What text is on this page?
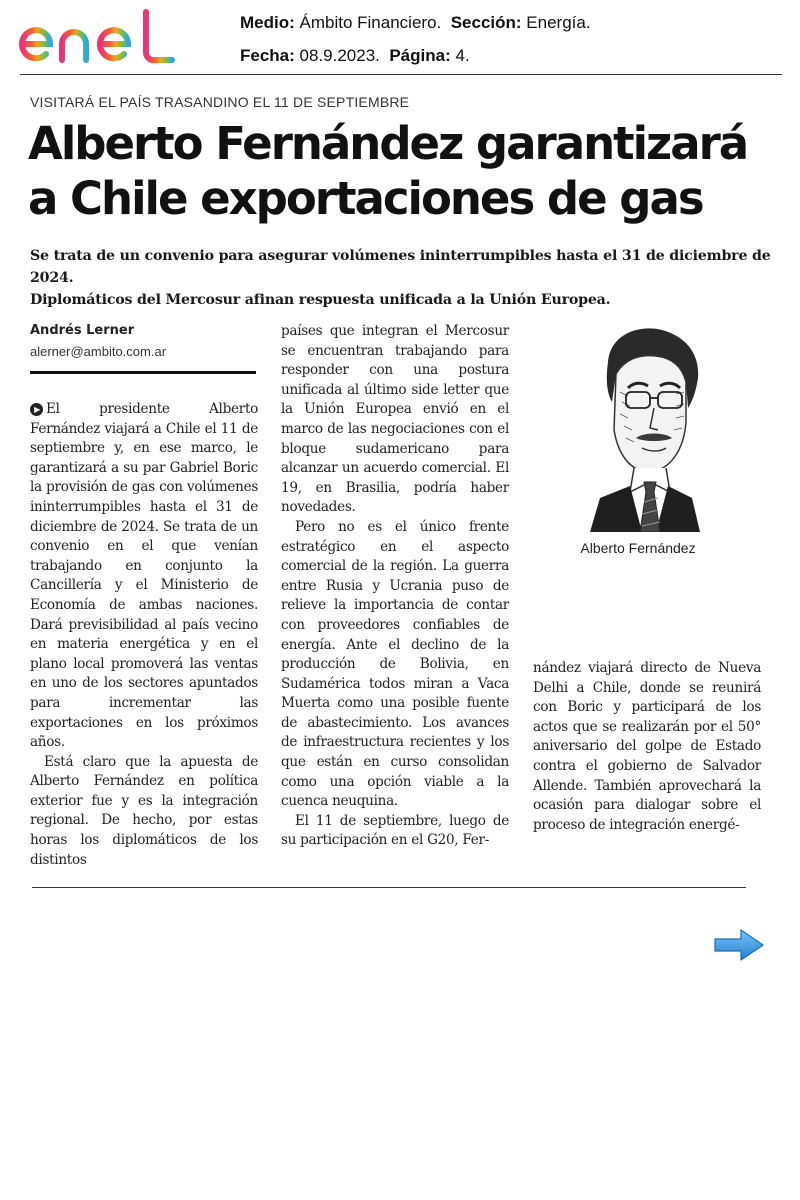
Medio: Ámbito Financiero. Sección: Energía.
Fecha: 08.9.2023. Página: 4.
VISITARÁ EL PAÍS TRASANDINO EL 11 DE SEPTIEMBRE
Alberto Fernández garantizará
a Chile exportaciones de gas

Se trata de un convenio para asegurar volúmenes ininterrumpibles hasta el 31 de diciembre de 2024.
Diplomáticos del Mercosur afinan respuesta unificada a la Unión Europea.

Andrés Lerner
alerner@ambito.com.ar

▶ El presidente Alberto Fernández viajará a Chile el 11 de septiembre y, en ese marco, le garantizará a su par Gabriel Boric la provisión de gas con volúmenes ininterrumpibles hasta el 31 de diciembre de 2024. Se trata de un convenio en el que venían trabajando en conjunto la Cancillería y el Ministerio de Economía de ambas naciones. Dará previsibilidad al país vecino en materia energética y en el plano local promoverá las ventas en uno de los sectores apuntados para incrementar las exportaciones en los próximos años.

Está claro que la apuesta de Alberto Fernández en política exterior fue y es la integración regional. De hecho, por estas horas los diplomáticos de los distintos

países que integran el Mercosur se encuentran trabajando para responder con una postura unificada al último side letter que la Unión Europea envió en el marco de las negociaciones con el bloque sudamericano para alcanzar un acuerdo comercial. El 19, en Brasilia, podría haber novedades.

Pero no es el único frente estratégico en el aspecto comercial de la región. La guerra entre Rusia y Ucrania puso de relieve la importancia de contar con proveedores confiables de energía. Ante el declino de la producción de Bolivia, en Sudamérica todos miran a Vaca Muerta como una posible fuente de abastecimiento. Los avances de infraestructura recientes y los que están en curso consolidan como una opción viable a la cuenca neuquina.

El 11 de septiembre, luego de su participación en el G20, Fer-

Alberto Fernández

nández viajará directo de Nueva Delhi a Chile, donde se reunirá con Boric y participará de los actos que se realizarán por el 50° aniversario del golpe de Estado contra el gobierno de Salvador Allende. También aprovechará la ocasión para dialogar sobre el proceso de integración energé-
